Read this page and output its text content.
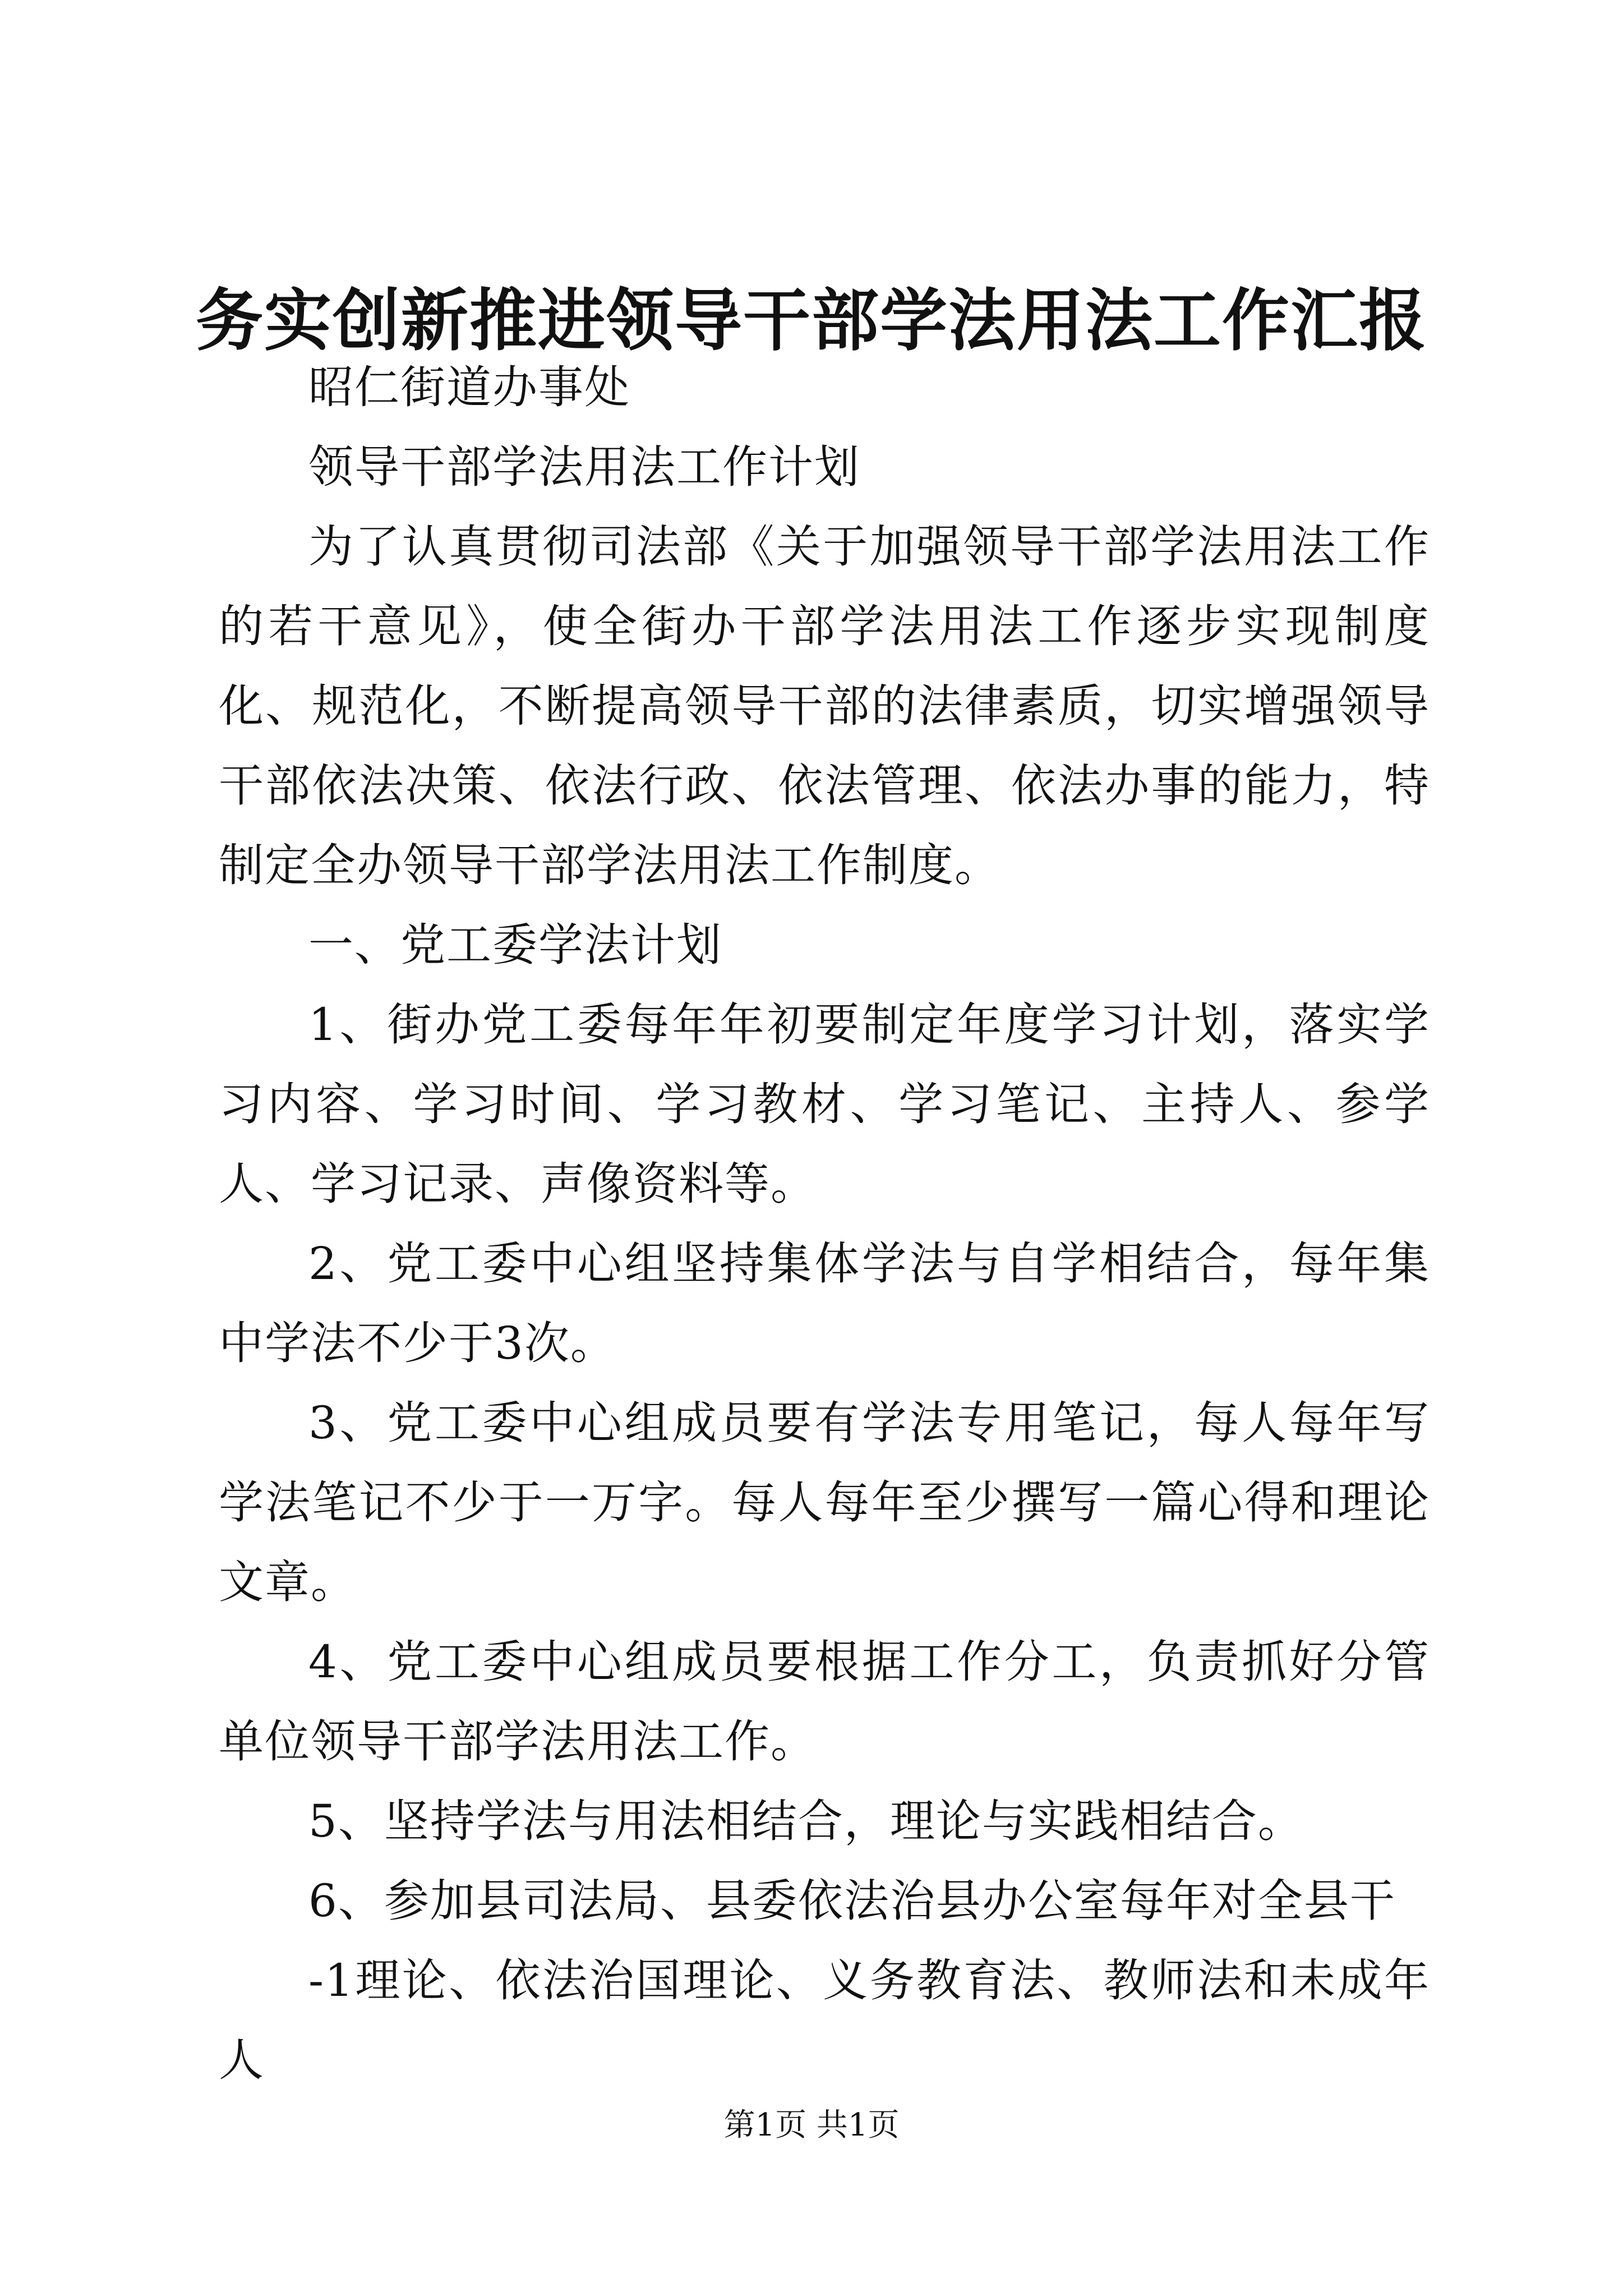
务实创新推进领导干部学法用法工作汇报

昭仁街道办事处

领导干部学法用法工作计划

为了认真贯彻司法部《关于加强领导干部学法用法工作的若干意见》，使全街办干部学法用法工作逐步实现制度化、规范化，不断提高领导干部的法律素质，切实增强领导干部依法决策、依法行政、依法管理、依法办事的能力，特制定全办领导干部学法用法工作制度。

一、党工委学法计划

1、街办党工委每年年初要制定年度学习计划，落实学习内容、学习时间、学习教材、学习笔记、主持人、参学人、学习记录、声像资料等。

2、党工委中心组坚持集体学法与自学相结合，每年集中学法不少于3次。

3、党工委中心组成员要有学法专用笔记，每人每年写学法笔记不少于一万字。每人每年至少撰写一篇心得和理论文章。

4、党工委中心组成员要根据工作分工，负责抓好分管单位领导干部学法用法工作。

5、坚持学法与用法相结合，理论与实践相结合。

6、参加县司法局、县委依法治县办公室每年对全县干

-1理论、依法治国理论、义务教育法、教师法和未成年人

第1页 共1页
